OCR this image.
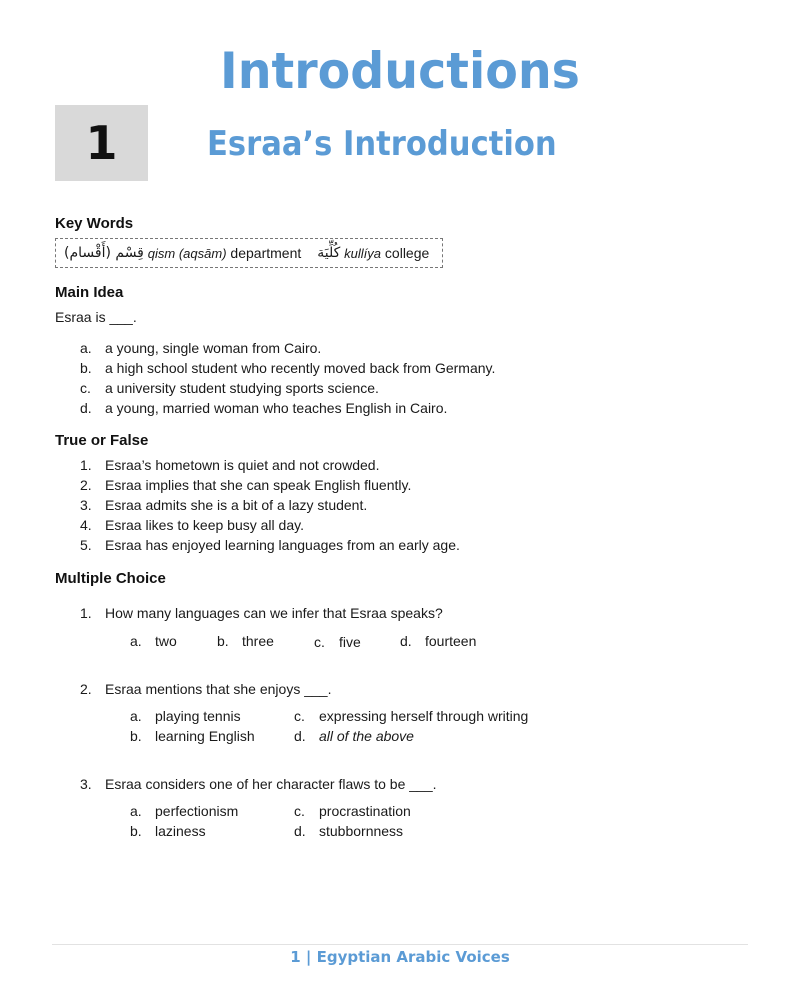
Introductions
1	Esraa’s Introduction
Key Words
قِسْم (أَقْسام)
qism (aqsām)
department كُلِّيَة
kullíya
college
Main Idea
Esraa is ___.
a. a young, single woman from Cairo.
b. a high school student who recently moved back from Germany.
c. a university student studying sports science.
d. a young, married woman who teaches English in Cairo.
True or False
1. Esraa’s hometown is quiet and not crowded.
2. Esraa implies that she can speak English fluently.
3. Esraa admits she is a bit of a lazy student.
4. Esraa likes to keep busy all day.
5. Esraa has enjoyed learning languages from an early age.
Multiple Choice
1. How many languages can we infer that Esraa speaks?
a. two	b. three	c. five	d. fourteen
2. Esraa mentions that she enjoys ___.
a. playing tennis
b. learning English
c. expressing herself through writing
d. all of the above
3. Esraa considers one of her character flaws to be ___.
a. perfectionism
b. laziness
c. procrastination
d. stubbornness
1 | Egyptian Arabic Voices
